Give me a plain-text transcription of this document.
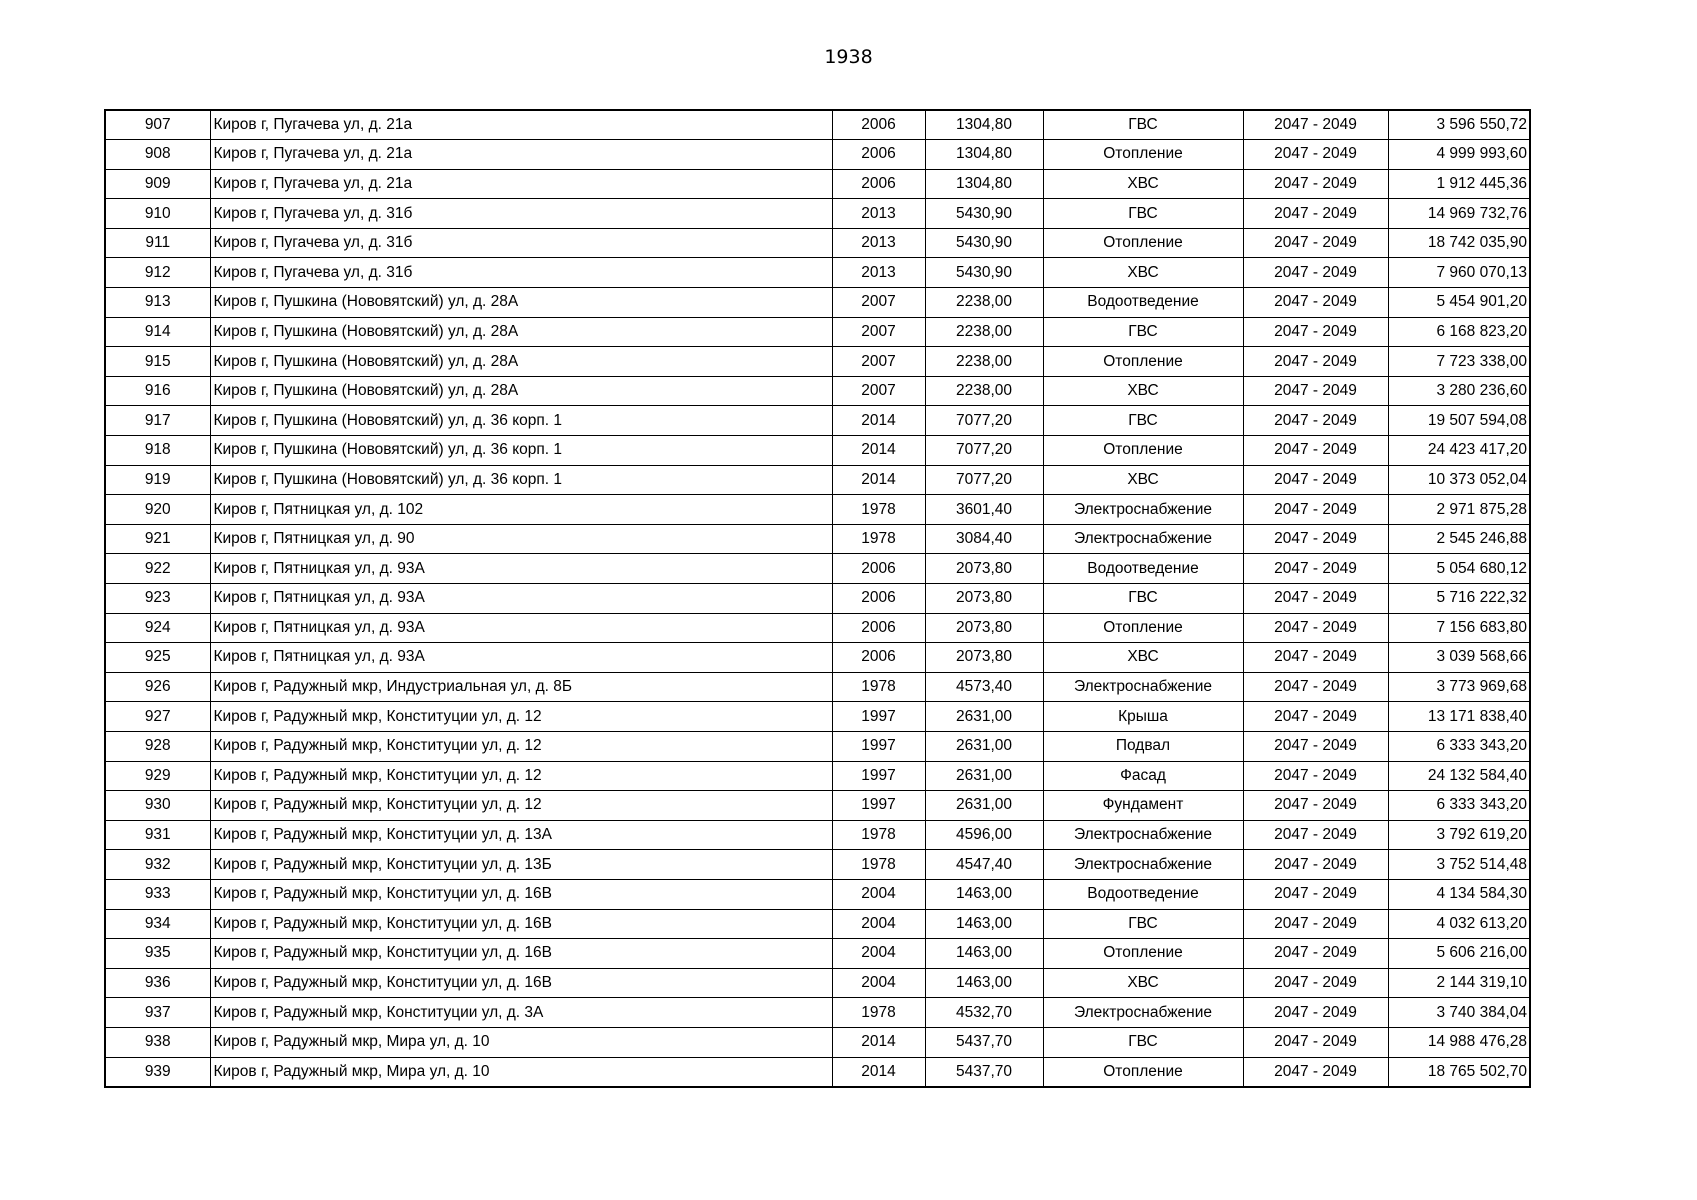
1938
907	Киров г, Пугачева ул, д. 21а	2006	1304,80	ГВС	2047 - 2049	3 596 550,72
908	Киров г, Пугачева ул, д. 21а	2006	1304,80	Отопление	2047 - 2049	4 999 993,60
909	Киров г, Пугачева ул, д. 21а	2006	1304,80	ХВС	2047 - 2049	1 912 445,36
910	Киров г, Пугачева ул, д. 31б	2013	5430,90	ГВС	2047 - 2049	14 969 732,76
911	Киров г, Пугачева ул, д. 31б	2013	5430,90	Отопление	2047 - 2049	18 742 035,90
912	Киров г, Пугачева ул, д. 31б	2013	5430,90	ХВС	2047 - 2049	7 960 070,13
913	Киров г, Пушкина (Нововятский) ул, д. 28А	2007	2238,00	Водоотведение	2047 - 2049	5 454 901,20
914	Киров г, Пушкина (Нововятский) ул, д. 28А	2007	2238,00	ГВС	2047 - 2049	6 168 823,20
915	Киров г, Пушкина (Нововятский) ул, д. 28А	2007	2238,00	Отопление	2047 - 2049	7 723 338,00
916	Киров г, Пушкина (Нововятский) ул, д. 28А	2007	2238,00	ХВС	2047 - 2049	3 280 236,60
917	Киров г, Пушкина (Нововятский) ул, д. 36 корп. 1	2014	7077,20	ГВС	2047 - 2049	19 507 594,08
918	Киров г, Пушкина (Нововятский) ул, д. 36 корп. 1	2014	7077,20	Отопление	2047 - 2049	24 423 417,20
919	Киров г, Пушкина (Нововятский) ул, д. 36 корп. 1	2014	7077,20	ХВС	2047 - 2049	10 373 052,04
920	Киров г, Пятницкая ул, д. 102	1978	3601,40	Электроснабжение	2047 - 2049	2 971 875,28
921	Киров г, Пятницкая ул, д. 90	1978	3084,40	Электроснабжение	2047 - 2049	2 545 246,88
922	Киров г, Пятницкая ул, д. 93А	2006	2073,80	Водоотведение	2047 - 2049	5 054 680,12
923	Киров г, Пятницкая ул, д. 93А	2006	2073,80	ГВС	2047 - 2049	5 716 222,32
924	Киров г, Пятницкая ул, д. 93А	2006	2073,80	Отопление	2047 - 2049	7 156 683,80
925	Киров г, Пятницкая ул, д. 93А	2006	2073,80	ХВС	2047 - 2049	3 039 568,66
926	Киров г, Радужный мкр, Индустриальная ул, д. 8Б	1978	4573,40	Электроснабжение	2047 - 2049	3 773 969,68
927	Киров г, Радужный мкр, Конституции ул, д. 12	1997	2631,00	Крыша	2047 - 2049	13 171 838,40
928	Киров г, Радужный мкр, Конституции ул, д. 12	1997	2631,00	Подвал	2047 - 2049	6 333 343,20
929	Киров г, Радужный мкр, Конституции ул, д. 12	1997	2631,00	Фасад	2047 - 2049	24 132 584,40
930	Киров г, Радужный мкр, Конституции ул, д. 12	1997	2631,00	Фундамент	2047 - 2049	6 333 343,20
931	Киров г, Радужный мкр, Конституции ул, д. 13А	1978	4596,00	Электроснабжение	2047 - 2049	3 792 619,20
932	Киров г, Радужный мкр, Конституции ул, д. 13Б	1978	4547,40	Электроснабжение	2047 - 2049	3 752 514,48
933	Киров г, Радужный мкр, Конституции ул, д. 16В	2004	1463,00	Водоотведение	2047 - 2049	4 134 584,30
934	Киров г, Радужный мкр, Конституции ул, д. 16В	2004	1463,00	ГВС	2047 - 2049	4 032 613,20
935	Киров г, Радужный мкр, Конституции ул, д. 16В	2004	1463,00	Отопление	2047 - 2049	5 606 216,00
936	Киров г, Радужный мкр, Конституции ул, д. 16В	2004	1463,00	ХВС	2047 - 2049	2 144 319,10
937	Киров г, Радужный мкр, Конституции ул, д. 3А	1978	4532,70	Электроснабжение	2047 - 2049	3 740 384,04
938	Киров г, Радужный мкр, Мира ул, д. 10	2014	5437,70	ГВС	2047 - 2049	14 988 476,28
939	Киров г, Радужный мкр, Мира ул, д. 10	2014	5437,70	Отопление	2047 - 2049	18 765 502,70
